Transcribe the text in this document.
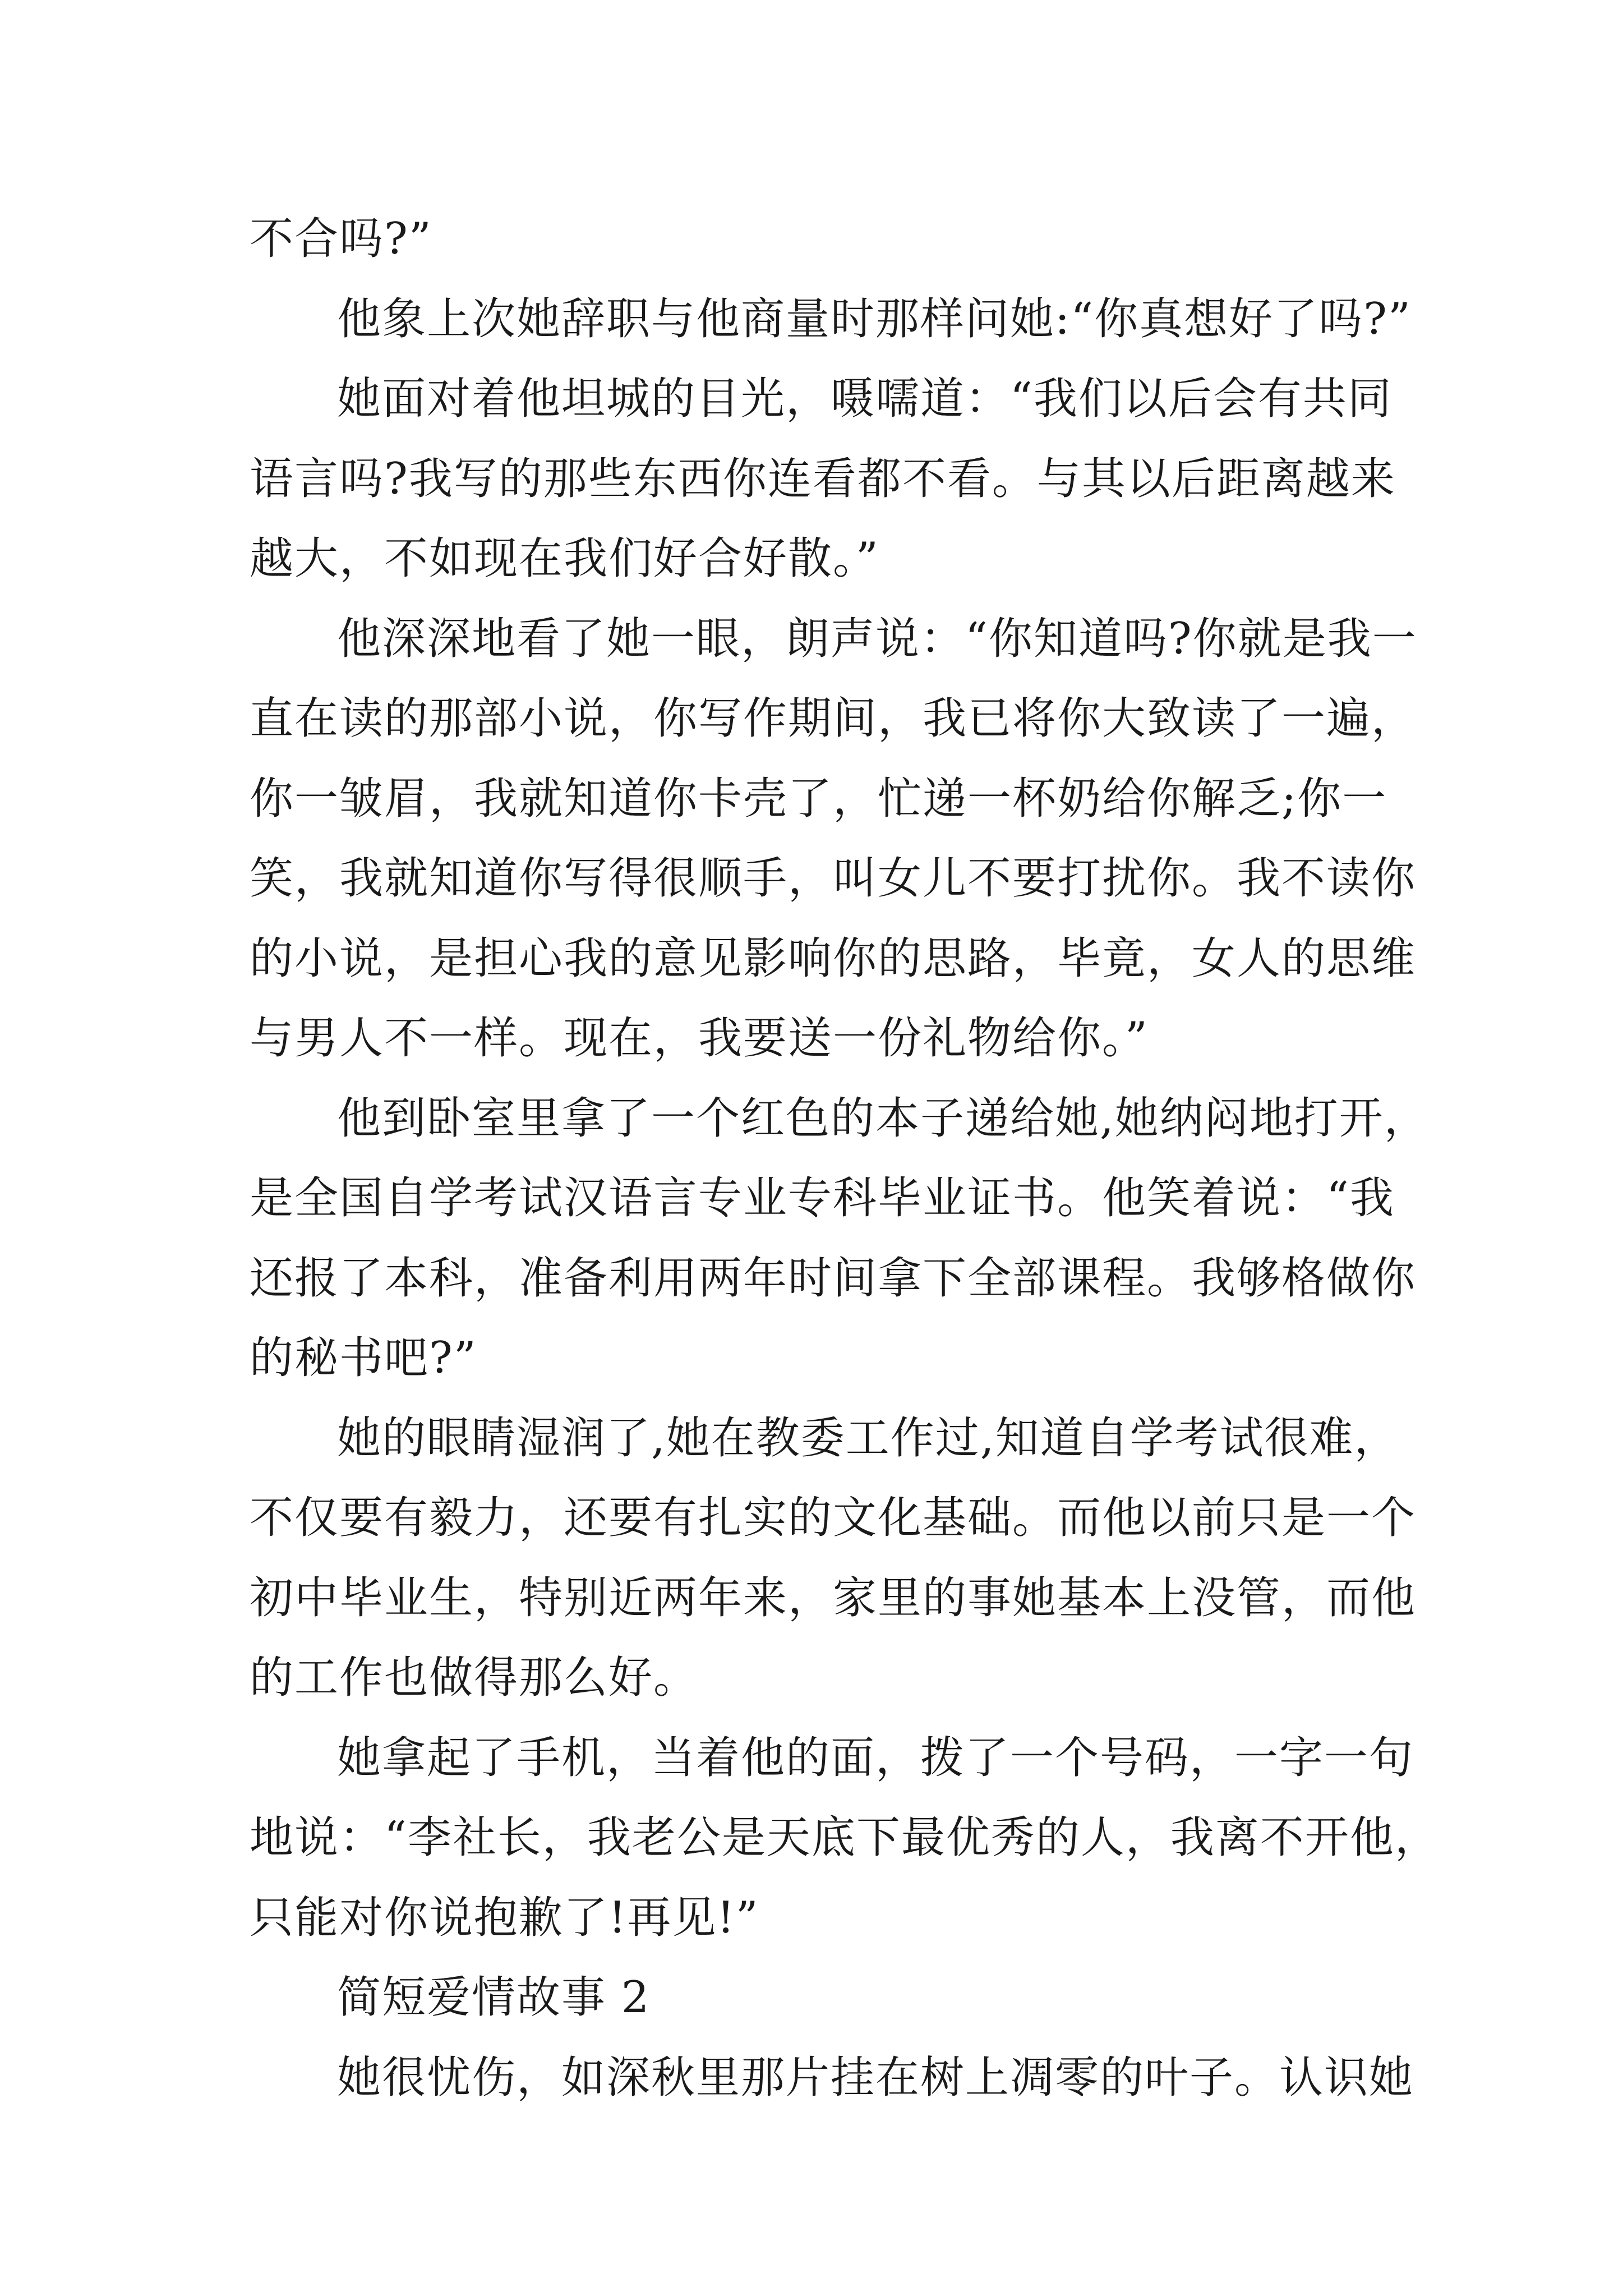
不合吗?”
他象上次她辞职与他商量时那样问她:“你真想好了吗?”
她面对着他坦城的目光，嗫嚅道：“我们以后会有共同
语言吗?我写的那些东西你连看都不看。与其以后距离越来
越大，不如现在我们好合好散。”
他深深地看了她一眼，朗声说：“你知道吗?你就是我一
直在读的那部小说，你写作期间，我已将你大致读了一遍，
你一皱眉，我就知道你卡壳了，忙递一杯奶给你解乏;你一
笑，我就知道你写得很顺手，叫女儿不要打扰你。我不读你
的小说，是担心我的意见影响你的思路，毕竟，女人的思维
与男人不一样。现在，我要送一份礼物给你。”
他到卧室里拿了一个红色的本子递给她,她纳闷地打开，
是全国自学考试汉语言专业专科毕业证书。他笑着说：“我
还报了本科，准备利用两年时间拿下全部课程。我够格做你
的秘书吧?”
她的眼睛湿润了,她在教委工作过,知道自学考试很难，
不仅要有毅力，还要有扎实的文化基础。而他以前只是一个
初中毕业生，特别近两年来，家里的事她基本上没管，而他
的工作也做得那么好。
她拿起了手机，当着他的面，拨了一个号码，一字一句
地说：“李社长，我老公是天底下最优秀的人，我离不开他，
只能对你说抱歉了!再见!”
简短爱情故事 2
她很忧伤，如深秋里那片挂在树上凋零的叶子。认识她
